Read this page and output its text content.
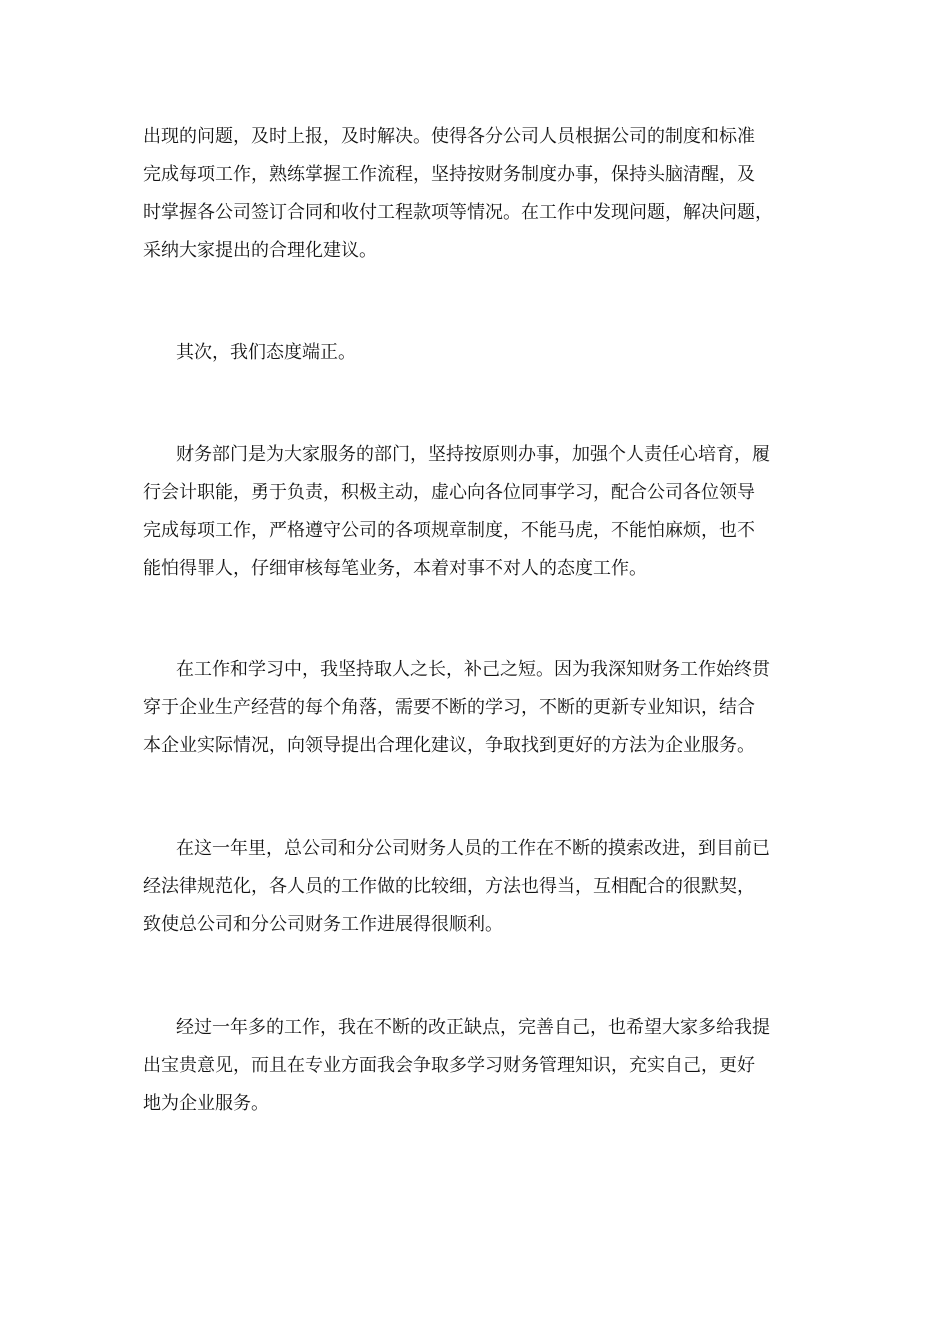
出现的问题，及时上报，及时解决。使得各分公司人员根据公司的制度和标准
完成每项工作，熟练掌握工作流程，坚持按财务制度办事，保持头脑清醒，及
时掌握各公司签订合同和收付工程款项等情况。在工作中发现问题，解决问题，
采纳大家提出的合理化建议。
其次，我们态度端正。
财务部门是为大家服务的部门，坚持按原则办事，加强个人责任心培育，履
行会计职能，勇于负责，积极主动，虚心向各位同事学习，配合公司各位领导
完成每项工作，严格遵守公司的各项规章制度，不能马虎，不能怕麻烦，也不
能怕得罪人，仔细审核每笔业务，本着对事不对人的态度工作。
在工作和学习中，我坚持取人之长，补己之短。因为我深知财务工作始终贯
穿于企业生产经营的每个角落，需要不断的学习，不断的更新专业知识，结合
本企业实际情况，向领导提出合理化建议，争取找到更好的方法为企业服务。
在这一年里，总公司和分公司财务人员的工作在不断的摸索改进，到目前已
经法律规范化，各人员的工作做的比较细，方法也得当，互相配合的很默契，
致使总公司和分公司财务工作进展得很顺利。
经过一年多的工作，我在不断的改正缺点，完善自己，也希望大家多给我提
出宝贵意见，而且在专业方面我会争取多学习财务管理知识，充实自己，更好
地为企业服务。
